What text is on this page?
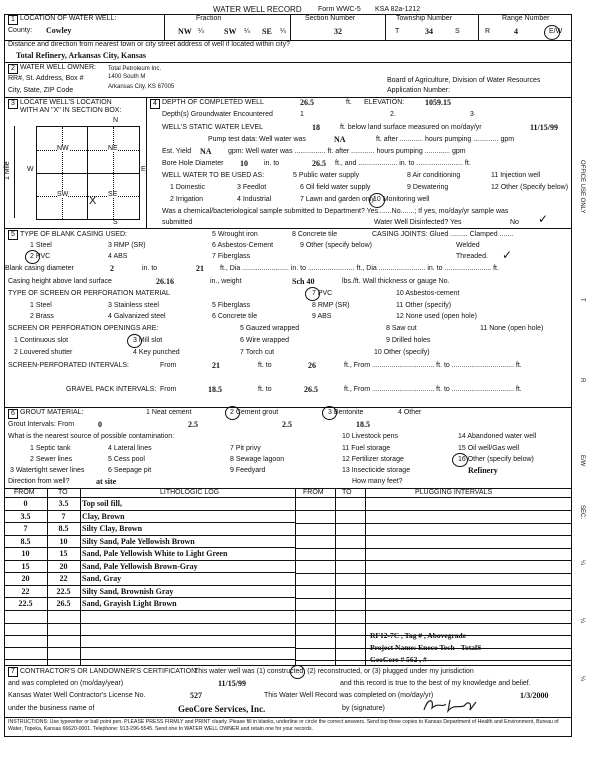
WATER WELL RECORD Form WWC-5 KSA 82a-1212
1 LOCATION OF WATER WELL:
County: Cowley
Fraction
NW ¼	SW ¼ SE ¼
Section Number
32
Township Number
T	34	S
Range Number
R	4	E/W
Distance and direction from nearest town or city street address of well if located within city?
Total Refinery, Arkansas City, Kansas
2 WATER WELL OWNER: Total Petroleum Inc.
RR#, St. Address, Box #	1400 South M
City, State, ZIP Code	Arkansas City, KS 67005
Board of Agriculture, Division of Water Resources
Application Number:
3 LOCATE WELL'S LOCATION
WITH AN "X" IN SECTION BOX:
N
S
W	E
NW	NE
SW	SE
X
1 Mile
4 DEPTH OF COMPLETED WELL	26.5	ft. ELEVATION:	1059.15
Depth(s) Groundwater Encountered	1	2.	3
WELL'S STATIC WATER LEVEL	18	ft. below land surface measured on mo/day/yr	11/15/99
Pump test data: Well water was	NA	ft. after ............ hours pumping ............. gpm
Est. Yield NA gpm: Well water was ................ ft. after ............ hours pumping ............. gpm
Bore Hole Diameter 10 in. to	26.5 ft., and .................... in. to ........................ ft.
WELL WATER TO BE USED AS:	5 Public water supply	8 Air conditioning	11 Injection well
1 Domestic	3 Feedlot	6 Oil field water supply	9 Dewatering	12 Other (Specify below)
2 Irrigation	4 Industrial	7 Lawn and garden only
10 Monitoring well
Was a chemical/bacteriological sample submitted to Department? Yes.......No.......; If yes, mo/day/yr sample was
submitted	Water Well Disinfected? Yes	No ✓
5 TYPE OF BLANK CASING USED:	5 Wrought iron	8 Concrete tile	CASING JOINTS: Glued ......... Clamped .......
1 Steel	3 RMP (SR)	6 Asbestos-Cement	9 Other (specify below)	Welded
2 PVC	4 ABS	7 Fiberglass	Threaded. ✓
Blank casing diameter	2	in. to	21 ft., Dia ........................ in. to ........................ ft., Dia ........................ in. to ........................ ft.
Casing height above land surface	26.16	in., weight	Sch 40	lbs./ft. Wall thickness or gauge No.
TYPE OF SCREEN OR PERFORATION MATERIAL	7 PVC	10 Asbestos-cement
1 Steel	3 Stainless steel	5 Fiberglass	8 RMP (SR)	11 Other (specify)
2 Brass	4 Galvanized steel	6 Concrete tile	9 ABS	12 None used (open hole)
SCREEN OR PERFORATION OPENINGS ARE:	5 Gauzed wrapped	8 Saw cut	11 None (open hole)
1 Continuous slot	3 Mill slot	6 Wire wrapped	9 Drilled holes
2 Louvered shutter	4 Key punched	7 Torch cut	10 Other (specify)
SCREEN-PERFORATED INTERVALS:	From	21	ft. to	26	ft., From ................................ ft. to ................................ ft.
GRAVEL PACK INTERVALS: From	18.5	ft. to	26.5	ft., From ................................ ft. to ................................ ft.
6 GROUT MATERIAL:	1 Neat cement	2 Cement grout	3 Bentonite	4 Other
Grout Intervals: From	0	2.5	2.5	18.5
What is the nearest source of possible contamination:
1 Septic tank	4 Lateral lines	7 Pit privy
10 Livestock pens	14 Abandoned water well
2 Sewer lines	5 Cess pool	8 Sewage lagoon
11 Fuel storage	15 Oil well/Gas well
3 Watertight sewer lines	6 Seepage pit	9 Feedyard
12 Fertilizer storage	16 Other (specify below)
13 Insecticide storage	Refinery
Direction from well?	at site	How many feet?
FROM	TO	LITHOLOGIC LOG	FROM	TO	PLUGGING INTERVALS
0	3.5	Top soil fill,
3.5	7	Clay, Brown
7	8.5	Silty Clay, Brown
8.5	10	Silty Sand, Pale Yellowish Brown
10	15	Sand, Pale Yellowish White to Light Green
15	20	Sand, Pale Yellowish Brown-Gray
20	22	Sand, Gray
22	22.5	Silty Sand, Brownish Gray
22.5	26.5	Sand, Grayish Light Brown
RF12-7C , Tag # , Abovegrade
Project Name: Eneco Tech - TotalS
GeoCore # 562 , #
7 CONTRACTOR'S OR LANDOWNER'S CERTIFICATION:
This water well was (1) constructed, (2) reconstructed, or (3) plugged under my jurisdiction
and was completed on (mo/day/year)	11/15/99	and this record is true to the best of my knowledge and belief.
Kansas Water Well Contractor's License No.	527	This Water Well Record was completed on (mo/day/yr)	1/3/2000
under the business name of	GeoCore Services, Inc.	by (signature)
INSTRUCTIONS: Use typewriter or ball point pen. PLEASE PRESS FIRMLY and PRINT clearly. Please fill in blanks, underline or circle the correct answers. Send top three copies to Kansas Department of Health and Environment, Bureau of Water, Topeka, Kansas 66620-0001. Telephone: 913-296-5545. Send one to WATER WELL OWNER and retain one for your records.
OFFICE USE ONLY
T
R
E/W
SEC.
¼
¼
¼
